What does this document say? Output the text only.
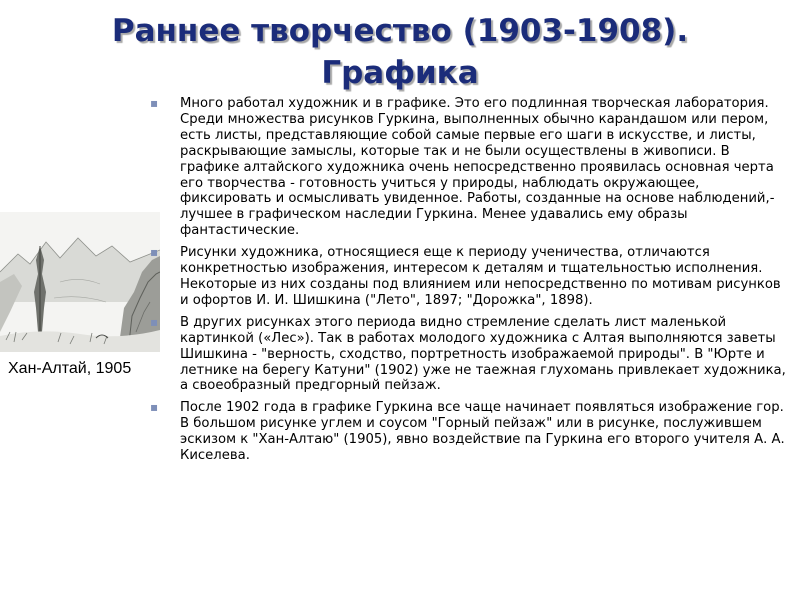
Раннее творчество (1903-1908).
Графика
Хан-Алтай, 1905
▪ Много работал художник и в графике. Это его подлинная творческая лаборатория. Среди множества рисунков Гуркина, выполненных обычно карандашом или пером, есть листы, представляющие собой самые первые его шаги в искусстве, и листы, раскрывающие замыслы, которые так и не были осуществлены в живописи. В графике алтайского художника очень непосредственно проявилась основная черта его творчества - готовность учиться у природы, наблюдать окружающее, фиксировать и осмысливать увиденное. Работы, созданные на основе наблюдений,- лучшее в графическом наследии Гуркина. Менее удавались ему образы фантастические.
▪ Рисунки художника, относящиеся еще к периоду ученичества, отличаются конкретностью изображения, интересом к деталям и тщательностью исполнения. Некоторые из них созданы под влиянием или непосредственно по мотивам рисунков и офортов И. И. Шишкина ("Лето", 1897; "Дорожка", 1898).
▪ В других рисунках этого периода видно стремление сделать лист маленькой картинкой («Лес»). Так в работах молодого художника с Алтая выполняются заветы Шишкина - "верность, сходство, портретность изображаемой природы". В "Юрте и летнике на берегу Катуни" (1902) уже не таежная глухомань привлекает художника, а своеобразный предгорный пейзаж.
▪ После 1902 года в графике Гуркина все чаще начинает появляться изображение гор. В большом рисунке углем и соусом "Горный пейзаж" или в рисунке, послужившем эскизом к "Хан-Алтаю" (1905), явно воздействие па Гуркина его второго учителя А. А. Киселева.
